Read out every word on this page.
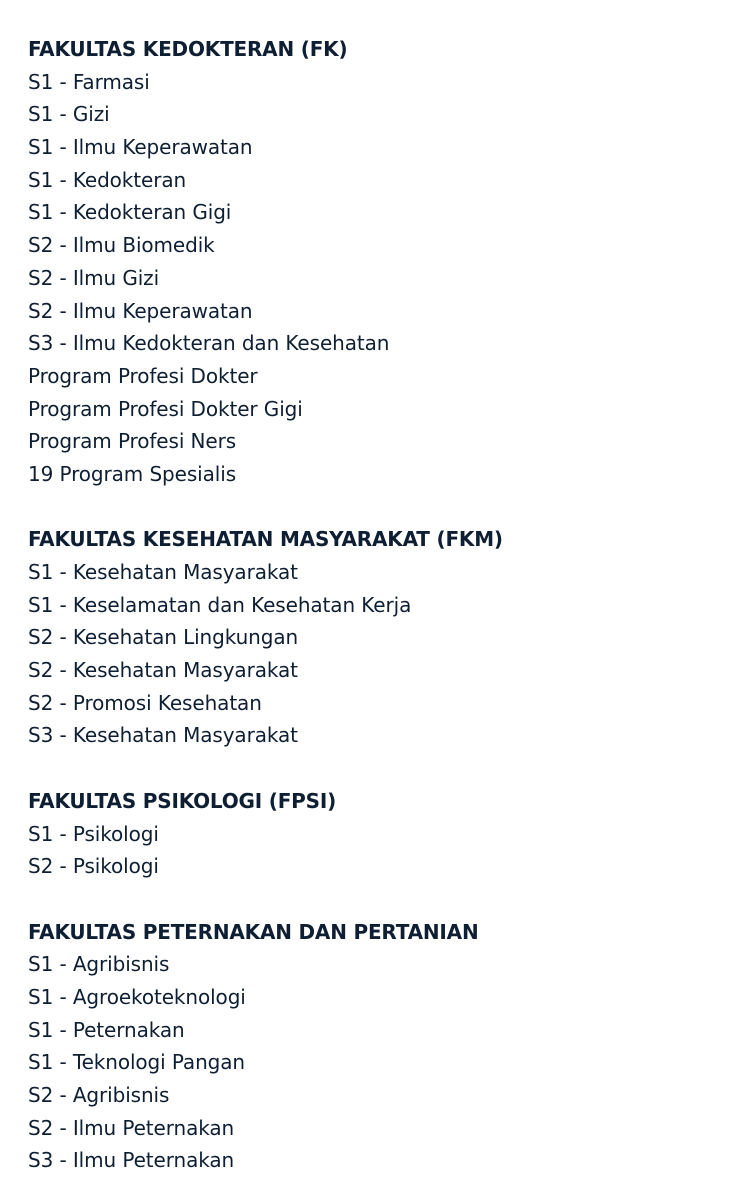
FAKULTAS KEDOKTERAN (FK)
S1 - Farmasi
S1 - Gizi
S1 - Ilmu Keperawatan
S1 - Kedokteran
S1 - Kedokteran Gigi
S2 - Ilmu Biomedik
S2 - Ilmu Gizi
S2 - Ilmu Keperawatan
S3 - Ilmu Kedokteran dan Kesehatan
Program Profesi Dokter
Program Profesi Dokter Gigi
Program Profesi Ners
19 Program Spesialis
FAKULTAS KESEHATAN MASYARAKAT (FKM)
S1 - Kesehatan Masyarakat
S1 - Keselamatan dan Kesehatan Kerja
S2 - Kesehatan Lingkungan
S2 - Kesehatan Masyarakat
S2 - Promosi Kesehatan
S3 - Kesehatan Masyarakat
FAKULTAS PSIKOLOGI (FPSI)
S1 - Psikologi
S2 - Psikologi
FAKULTAS PETERNAKAN DAN PERTANIAN
S1 - Agribisnis
S1 - Agroekoteknologi
S1 - Peternakan
S1 - Teknologi Pangan
S2 - Agribisnis
S2 - Ilmu Peternakan
S3 - Ilmu Peternakan
